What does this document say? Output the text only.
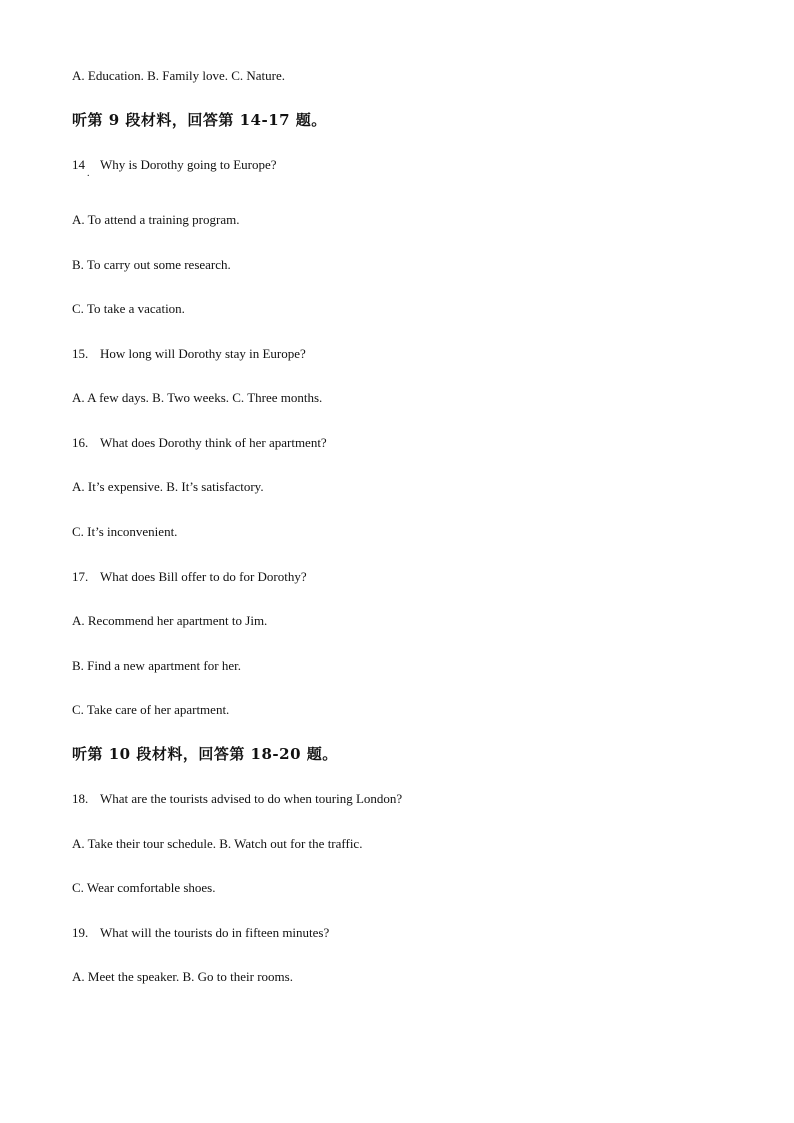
A. Education. B. Family love. C. Nature.
听第 9 段材料，回答第 14-17 题。
14
.
Why is Dorothy going to Europe?
A. To attend a training program.
B. To carry out some research.
C. To take a vacation.
15. How long will Dorothy stay in Europe?
A. A few days. B. Two weeks. C. Three months.
16. What does Dorothy think of her apartment?
A. It’s expensive. B. It’s satisfactory.
C. It’s inconvenient.
17. What does Bill offer to do for Dorothy?
A. Recommend her apartment to Jim.
B. Find a new apartment for her.
C. Take care of her apartment.
听第 10 段材料，回答第 18-20 题。
18. What are the tourists advised to do when touring London?
A. Take their tour schedule. B. Watch out for the traffic.
C. Wear comfortable shoes.
19. What will the tourists do in fifteen minutes?
A. Meet the speaker. B. Go to their rooms.
